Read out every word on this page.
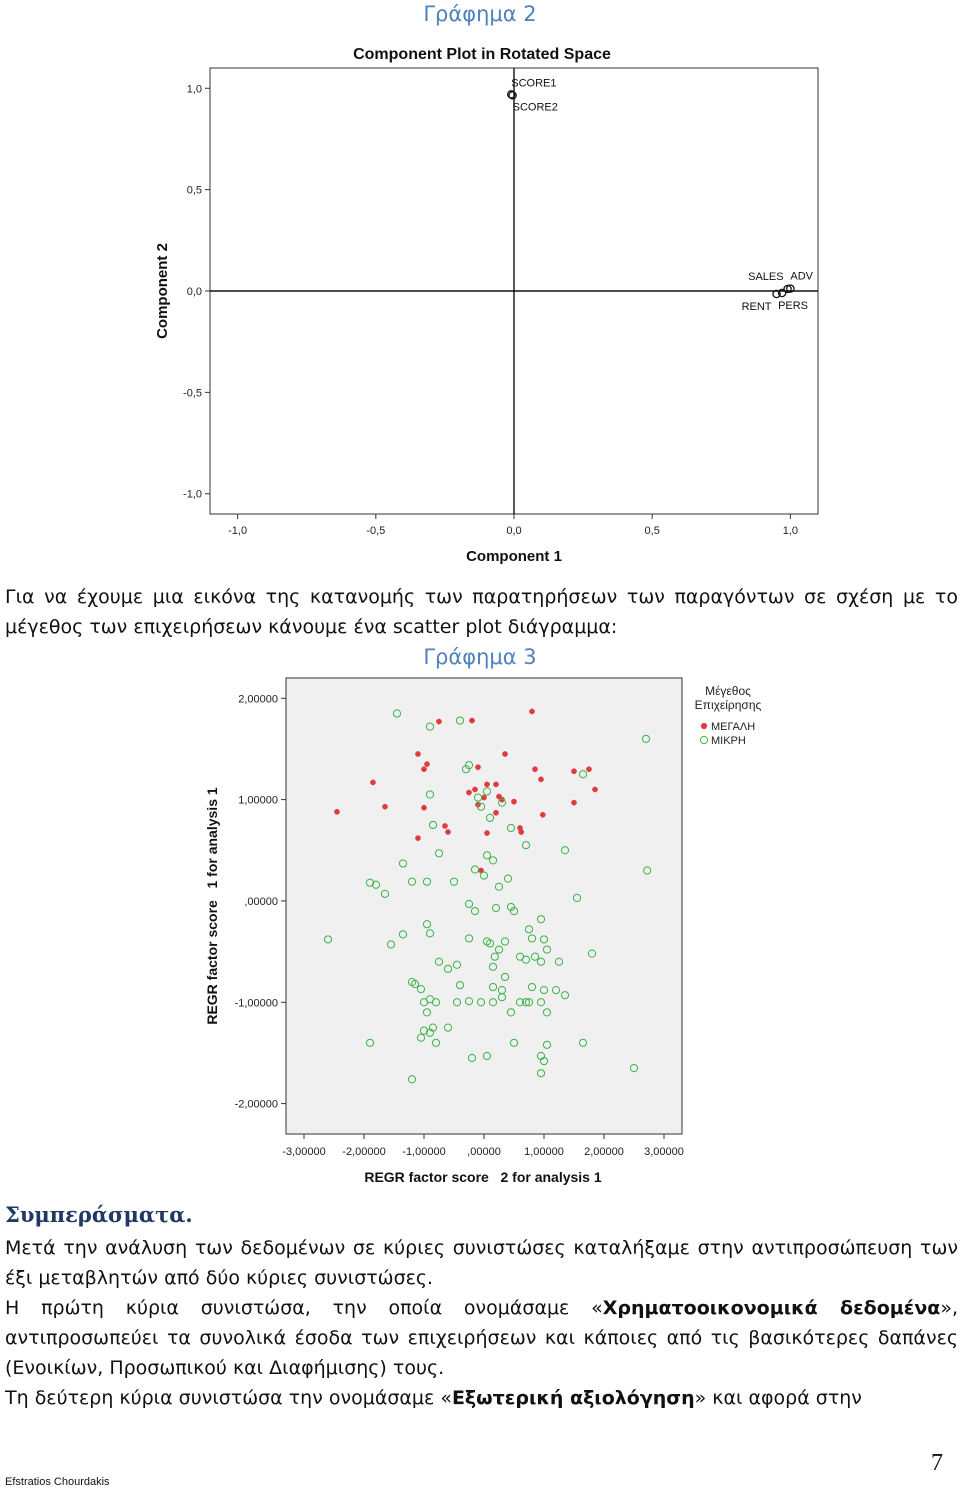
Γράφημα 2
Component Plot in Rotated Space
-1,0	-0,5	0,0	0,5	1,0
1,0
0,5
0,0
-0,5
-1,0
SCORE1
SCORE2
SALES ADV
RENT PERS
Component 1
Component 2

Για να έχουμε μια εικόνα της κατανομής των παρατηρήσεων των παραγόντων σε σχέση με το μέγεθος των επιχειρήσεων κάνουμε ένα scatter plot διάγραμμα:

Γράφημα 3
-3,00000 -2,00000 -1,00000 ,00000 1,00000 2,00000 3,00000
2,00000
1,00000
,00000
-1,00000
-2,00000
REGR factor score   2 for analysis 1
REGR factor score   1 for analysis 1
Μέγεθος
Επιχείρησης
ΜΕΓΑΛΗ
ΜΙΚΡΗ
Συμπεράσματα.

Μετά την ανάλυση των δεδομένων σε κύριες συνιστώσες καταλήξαμε στην αντιπροσώπευση των έξι μεταβλητών από δύο κύριες συνιστώσες.

Η πρώτη κύρια συνιστώσα, την οποία ονομάσαμε «Χρηματοοικονομικά δεδομένα», αντιπροσωπεύει τα συνολικά έσοδα των επιχειρήσεων και κάποιες από τις βασικότερες δαπάνες (Ενοικίων, Προσωπικού και Διαφήμισης) τους.

Τη δεύτερη κύρια συνιστώσα την ονομάσαμε «Εξωτερική αξιολόγηση» και αφορά στην

Efstratios Chourdakis
7
